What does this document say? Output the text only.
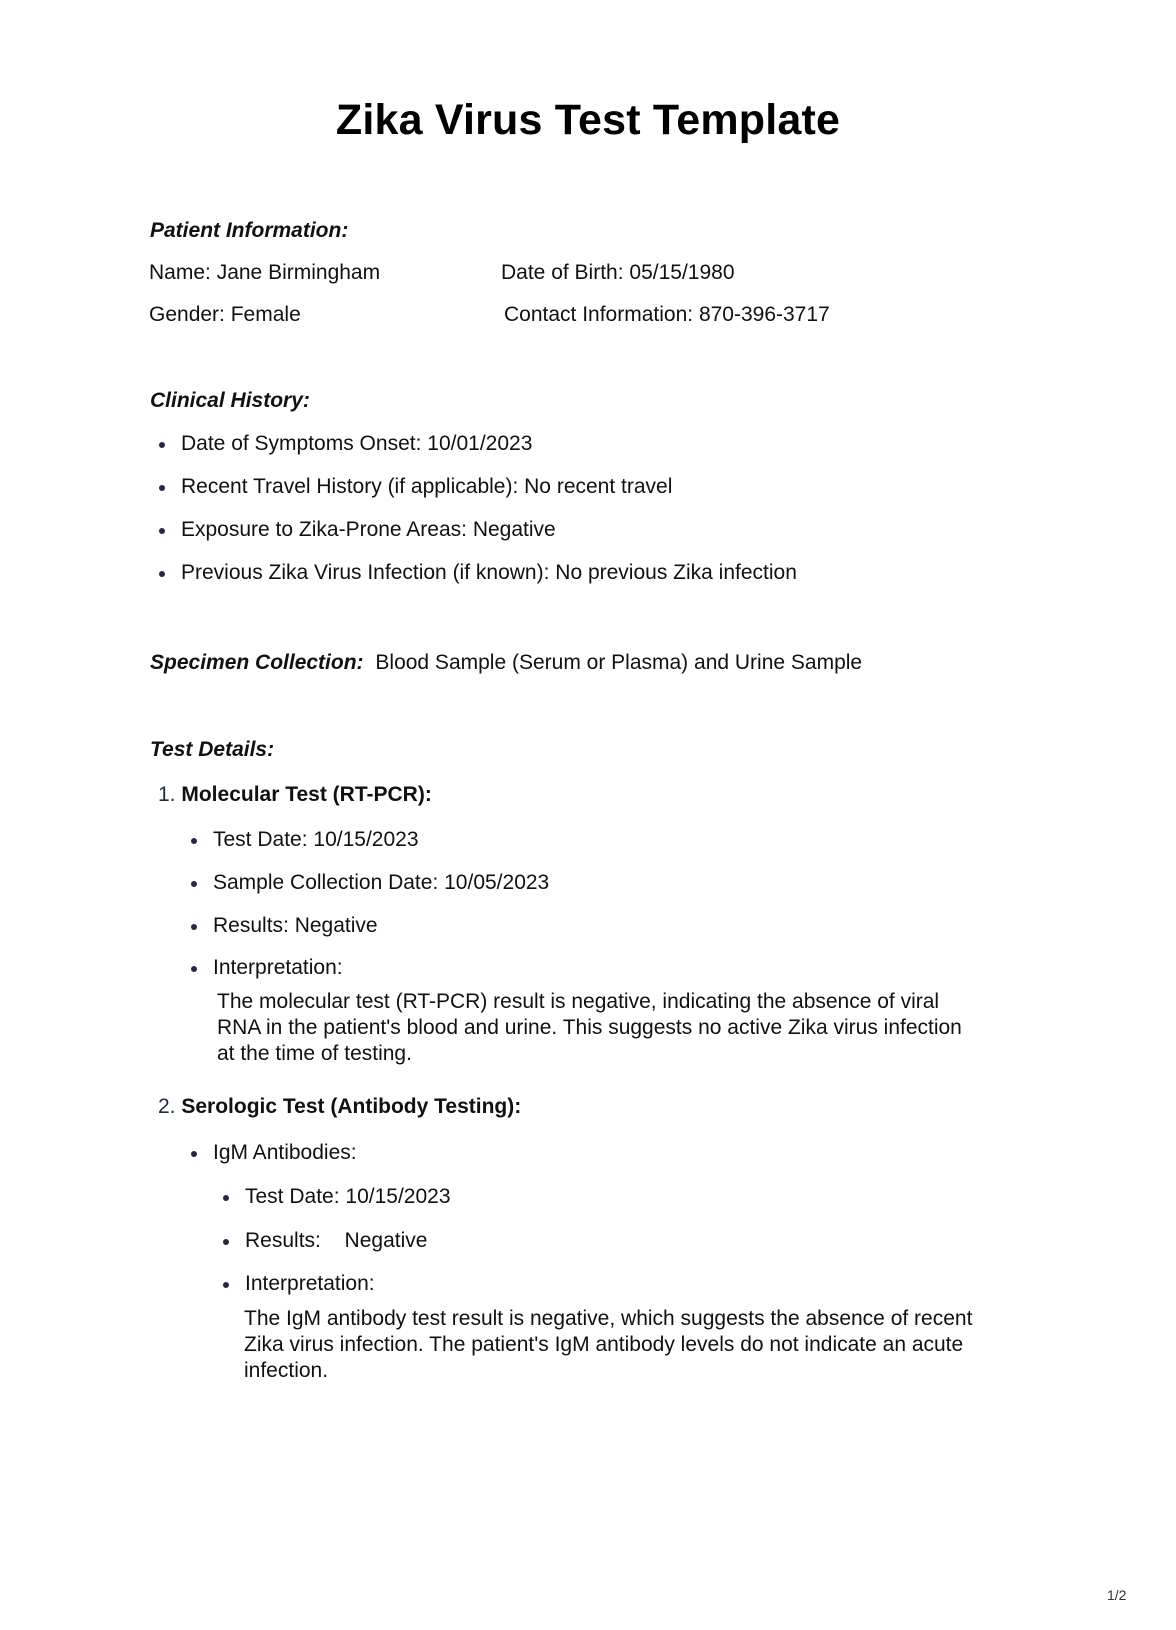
Zika Virus Test Template
Patient Information:
Name: Jane Birmingham	Date of Birth: 05/15/1980
Gender: Female	Contact Information: 870-396-3717
Clinical History:
Date of Symptoms Onset: 10/01/2023
Recent Travel History (if applicable): No recent travel
Exposure to Zika-Prone Areas: Negative
Previous Zika Virus Infection (if known): No previous Zika infection
Specimen Collection: Blood Sample (Serum or Plasma) and Urine Sample
Test Details:
1. Molecular Test (RT-PCR):
Test Date: 10/15/2023
Sample Collection Date: 10/05/2023
Results: Negative
Interpretation:
The molecular test (RT-PCR) result is negative, indicating the absence of viral RNA in the patient's blood and urine. This suggests no active Zika virus infection at the time of testing.
2. Serologic Test (Antibody Testing):
IgM Antibodies:
Test Date: 10/15/2023
Results: Negative
Interpretation:
The IgM antibody test result is negative, which suggests the absence of recent Zika virus infection. The patient's IgM antibody levels do not indicate an acute infection.
1/2
